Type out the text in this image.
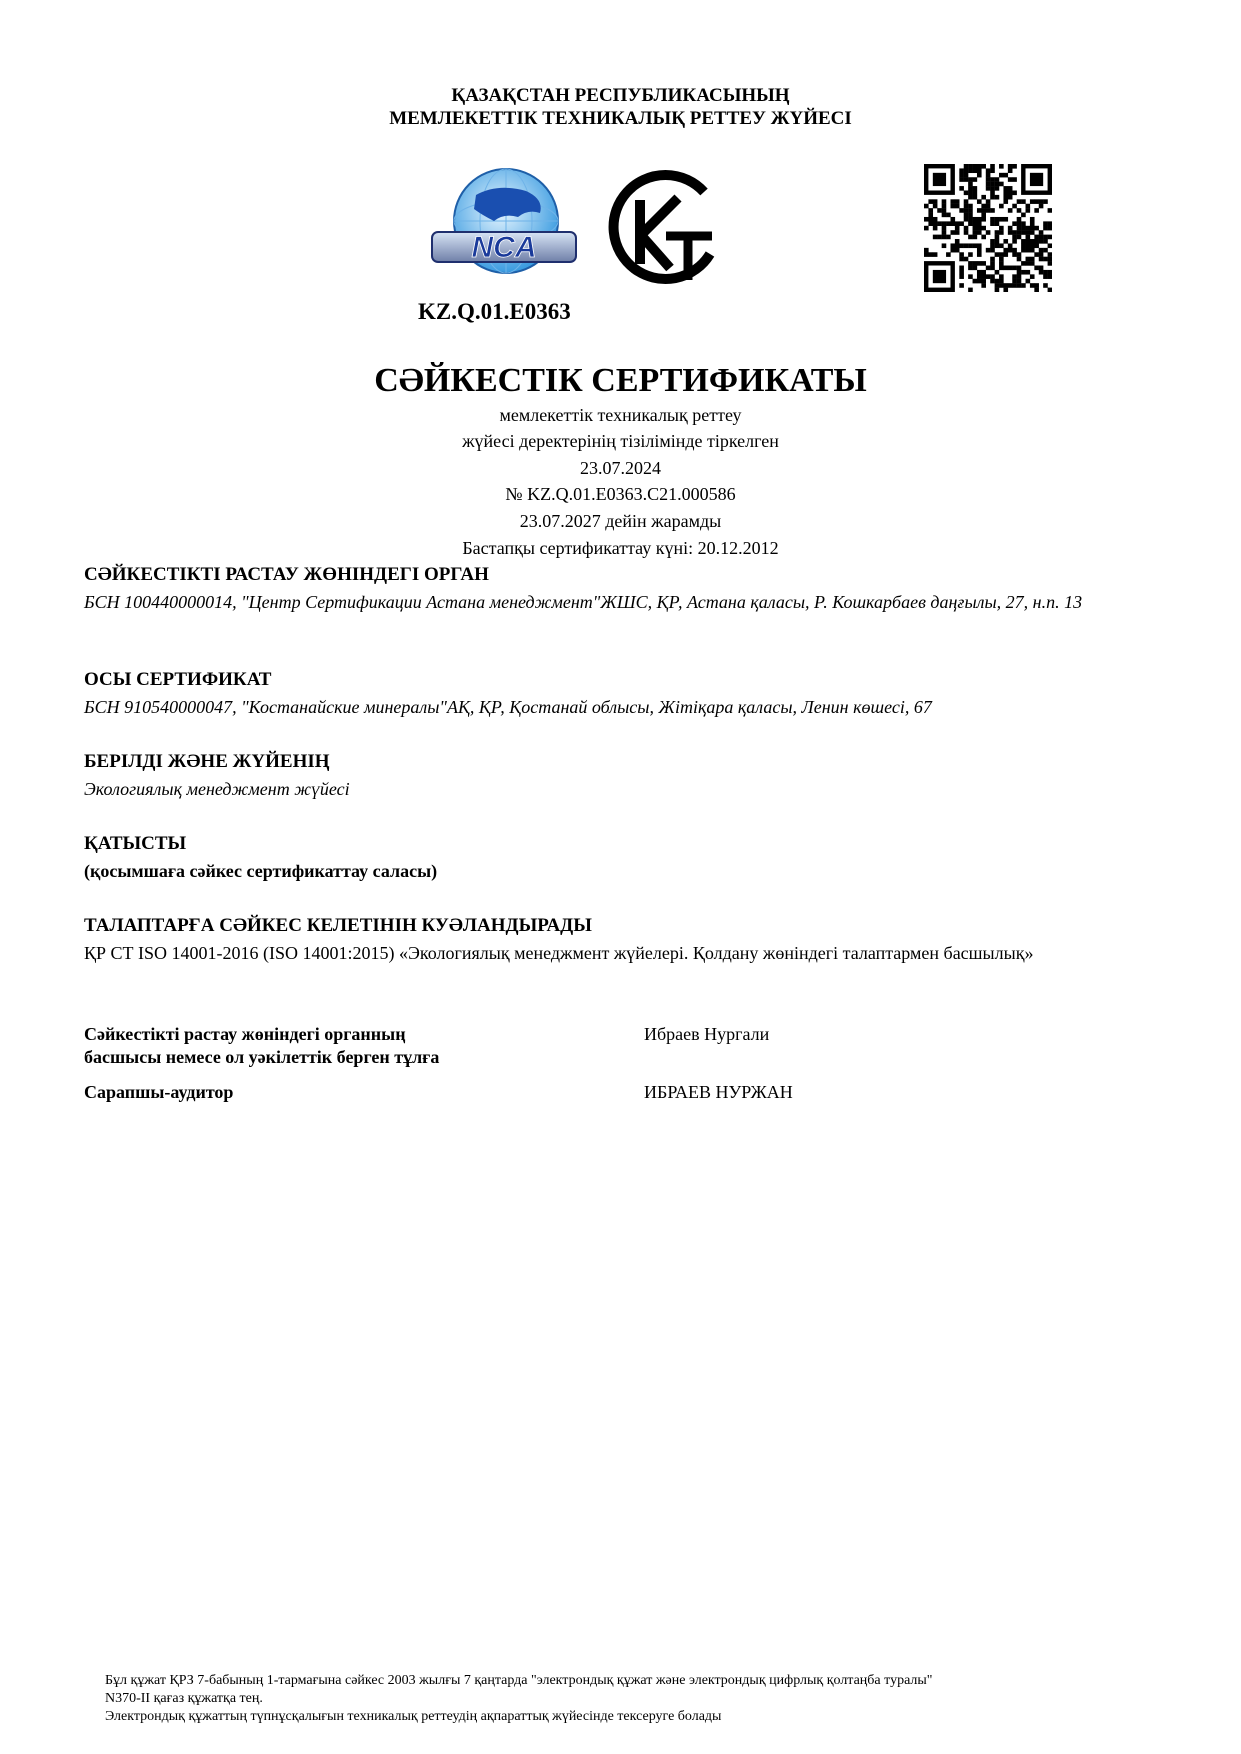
ҚАЗАҚСТАН РЕСПУБЛИКАСЫНЫҢ
МЕМЛЕКЕТТІК ТЕХНИКАЛЫҚ РЕТТЕУ ЖҮЙЕСІ
NCA
KZ.Q.01.E0363
СӘЙКЕСТІК СЕРТИФИКАТЫ
мемлекеттік техникалық реттеу
жүйесі деректерінің тізілімінде тіркелген
23.07.2024
№ KZ.Q.01.E0363.C21.000586
23.07.2027 дейін жарамды
Бастапқы сертификаттау күні: 20.12.2012
СӘЙКЕСТІКТІ РАСТАУ ЖӨНІНДЕГІ ОРГАН
БСН 100440000014, "Центр Сертификации Астана менеджмент"ЖШС, ҚР, Астана қаласы, Р. Кошкарбаев даңғылы, 27, н.п. 13
ОСЫ СЕРТИФИКАТ
БСН 910540000047, "Костанайские минералы"АҚ, ҚР, Қостанай облысы, Жітіқара қаласы, Ленин көшесі, 67
БЕРІЛДІ ЖӘНЕ ЖҮЙЕНІҢ
Экологиялық менеджмент жүйесі
ҚАТЫСТЫ
(қосымшаға сәйкес сертификаттау саласы)
ТАЛАПТАРҒА СӘЙКЕС КЕЛЕТІНІН КУӘЛАНДЫРАДЫ
ҚР СТ ISO 14001-2016 (ISO 14001:2015) «Экологиялық менеджмент жүйелері. Қолдану жөніндегі талаптармен басшылық»
Сәйкестікті растау жөніндегі органның
басшысы немесе ол уәкілеттік берген тұлға
Ибраев Нургали
Сарапшы-аудитор	ИБРАЕВ НУРЖАН
Бұл құжат ҚРЗ 7-бабының 1-тармағына сәйкес 2003 жылғы 7 қаңтарда "электрондық құжат және электрондық цифрлық қолтаңба туралы"
N370-II қағаз құжатқа тең.
Электрондық құжаттың түпнұсқалығын техникалық реттеудің ақпараттық жүйесінде тексеруге болады
